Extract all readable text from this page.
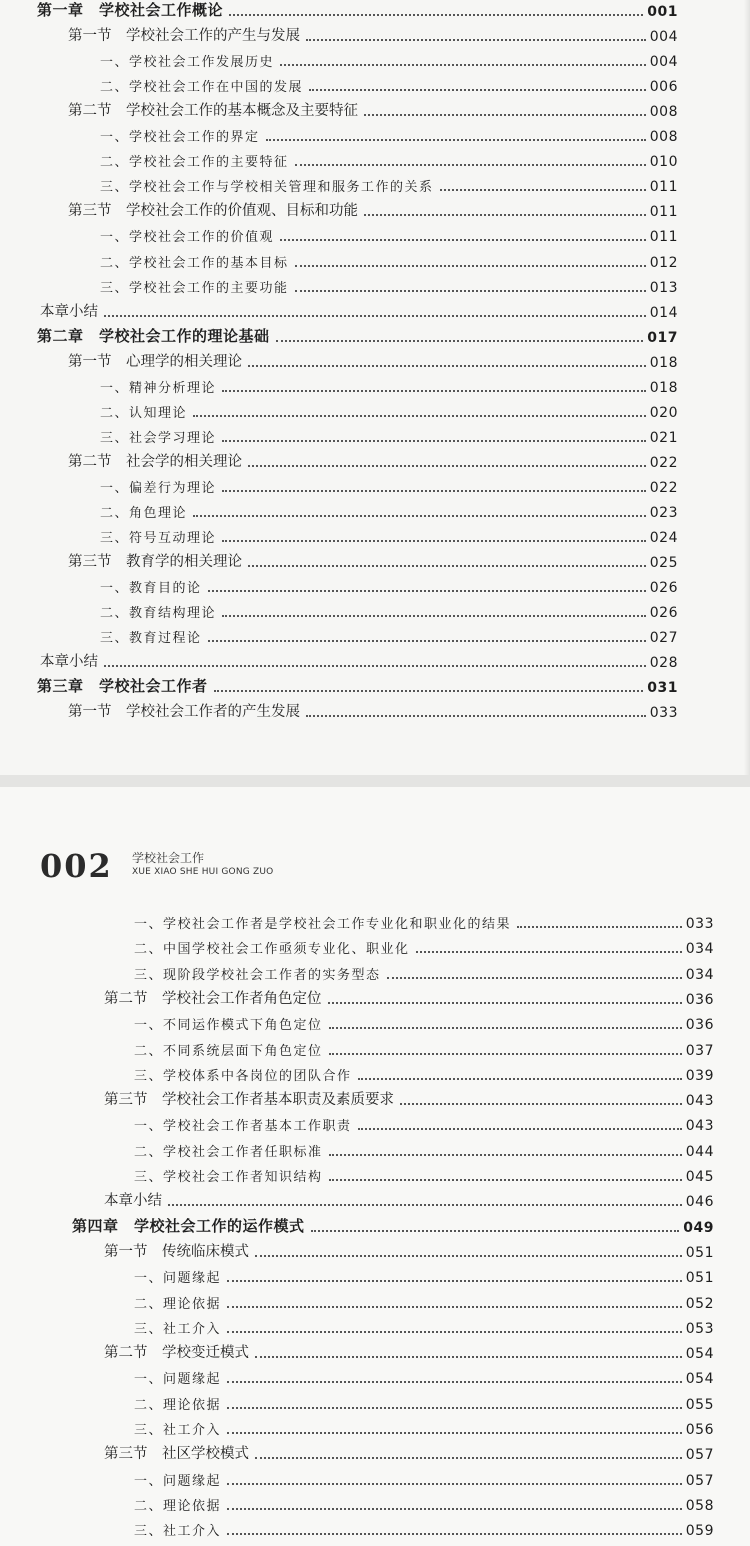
第一章　学校社会工作概论	001
第一节　学校社会工作的产生与发展	004
一、学校社会工作发展历史	004
二、学校社会工作在中国的发展	006
第二节　学校社会工作的基本概念及主要特征	008
一、学校社会工作的界定	008
二、学校社会工作的主要特征	010
三、学校社会工作与学校相关管理和服务工作的关系	011
第三节　学校社会工作的价值观、目标和功能	011
一、学校社会工作的价值观	011
二、学校社会工作的基本目标	012
三、学校社会工作的主要功能	013
本章小结	014
第二章　学校社会工作的理论基础	017
第一节　心理学的相关理论	018
一、精神分析理论	018
二、认知理论	020
三、社会学习理论	021
第二节　社会学的相关理论	022
一、偏差行为理论	022
二、角色理论	023
三、符号互动理论	024
第三节　教育学的相关理论	025
一、教育目的论	026
二、教育结构理论	026
三、教育过程论	027
本章小结	028
第三章　学校社会工作者	031
第一节　学校社会工作者的产生发展	033
002 学校社会工作
XUE XIAO SHE HUI GONG ZUO
一、学校社会工作者是学校社会工作专业化和职业化的结果	033
二、中国学校社会工作亟须专业化、职业化	034
三、现阶段学校社会工作者的实务型态	034
第二节　学校社会工作者角色定位	036
一、不同运作模式下角色定位	036
二、不同系统层面下角色定位	037
三、学校体系中各岗位的团队合作	039
第三节　学校社会工作者基本职责及素质要求	043
一、学校社会工作者基本工作职责	043
二、学校社会工作者任职标准	044
三、学校社会工作者知识结构	045
本章小结	046
第四章　学校社会工作的运作模式	049
第一节　传统临床模式	051
一、问题缘起	051
二、理论依据	052
三、社工介入	053
第二节　学校变迁模式	054
一、问题缘起	054
二、理论依据	055
三、社工介入	056
第三节　社区学校模式	057
一、问题缘起	057
二、理论依据	058
三、社工介入	059
